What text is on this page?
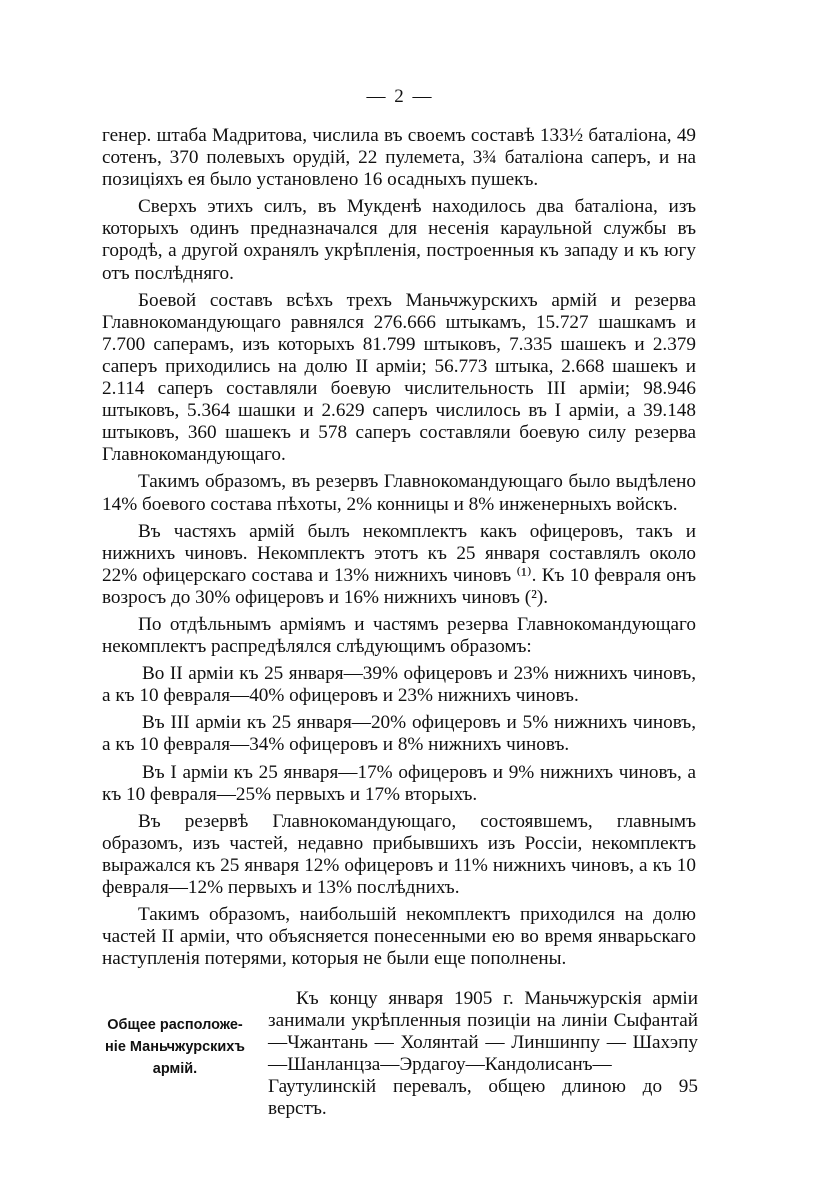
— 2 —

генер. штаба Мадритова, числила въ своемъ составѣ 133½ баталіона, 49 сотенъ, 370 полевыхъ орудій, 22 пулемета, 3¾ баталіона саперъ, и на позиціяхъ ея было установлено 16 осадныхъ пушекъ.

Сверхъ этихъ силъ, въ Мукденѣ находилось два баталіона, изъ которыхъ одинъ предназначался для несенія караульной службы въ городѣ, а другой охранялъ укрѣпленія, построенныя къ западу и къ югу отъ послѣдняго.

Боевой составъ всѣхъ трехъ Маньчжурскихъ армій и резерва Главнокомандующаго равнялся 276.666 штыкамъ, 15.727 шашкамъ и 7.700 саперамъ, изъ которыхъ 81.799 штыковъ, 7.335 шашекъ и 2.379 саперъ приходились на долю II арміи; 56.773 штыка, 2.668 шашекъ и 2.114 саперъ составляли боевую числительность III арміи; 98.946 штыковъ, 5.364 шашки и 2.629 саперъ числилось въ I арміи, а 39.148 штыковъ, 360 шашекъ и 578 саперъ составляли боевую силу резерва Главнокомандующаго.

Такимъ образомъ, въ резервъ Главнокомандующаго было выдѣлено 14% боевого состава пѣхоты, 2% конницы и 8% инженерныхъ войскъ.

Въ частяхъ армій былъ некомплектъ какъ офицеровъ, такъ и нижнихъ чиновъ. Некомплектъ этотъ къ 25 января составлялъ около 22% офицерскаго состава и 13% нижнихъ чиновъ ⁽¹⁾. Къ 10 февраля онъ возросъ до 30% офицеровъ и 16% нижнихъ чиновъ (²).

По отдѣльнымъ арміямъ и частямъ резерва Главнокомандующаго некомплектъ распредѣлялся слѣдующимъ образомъ:

Во II арміи къ 25 января—39% офицеровъ и 23% нижнихъ чиновъ, а къ 10 февраля—40% офицеровъ и 23% нижнихъ чиновъ.

Въ III арміи къ 25 января—20% офицеровъ и 5% нижнихъ чиновъ, а къ 10 февраля—34% офицеровъ и 8% нижнихъ чиновъ.

Въ I арміи къ 25 января—17% офицеровъ и 9% нижнихъ чиновъ, а къ 10 февраля—25% первыхъ и 17% вторыхъ.

Въ резервѣ Главнокомандующаго, состоявшемъ, главнымъ образомъ, изъ частей, недавно прибывшихъ изъ Россіи, некомплектъ выражался къ 25 января 12% офицеровъ и 11% нижнихъ чиновъ, а къ 10 февраля—12% первыхъ и 13% послѣднихъ.

Такимъ образомъ, наибольшій некомплектъ приходился на долю частей II арміи, что объясняется понесенными ею во время январьскаго наступленія потерями, которыя не были еще пополнены.

Общее расположе-
ніе Маньчжурскихъ
армій.

Къ концу января 1905 г. Маньчжурскія арміи занимали укрѣпленныя позиціи на линіи Сыфантай—Чжантань — Холянтай — Линшинпу — Шахэпу—Шанланцза—Эрдагоу—Кандолисанъ—Гаутулинскій перевалъ, общею длиною до 95 верстъ.
